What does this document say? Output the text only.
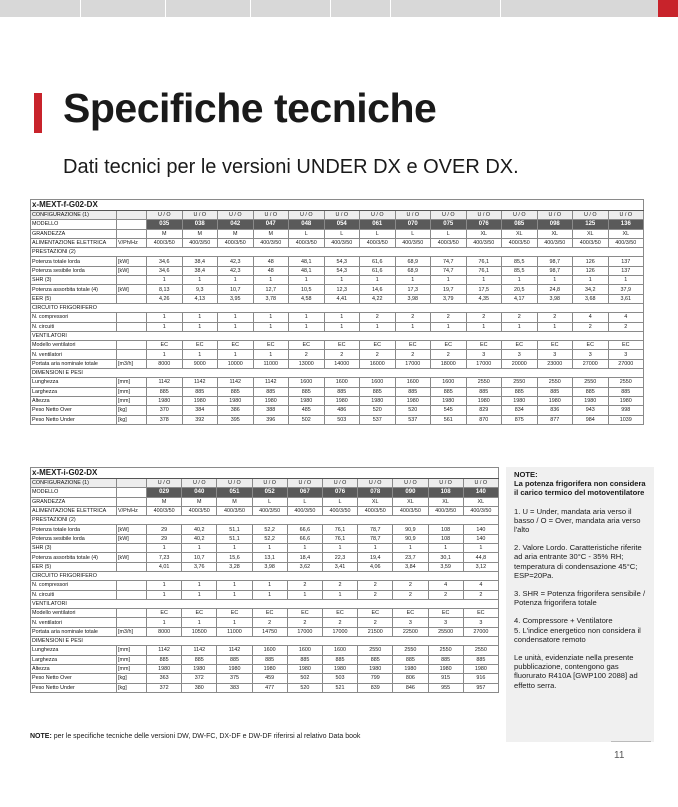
Specifiche tecniche
Dati tecnici per le versioni UNDER DX e OVER DX.
x-MEXT-f-G02-DX															
CONFIGURAZIONE (1)		U / O	U / O	U / O	U / O	U / O	U / O	U / O	U / O	U / O	U / O	U / O	U / O	U / O	U / O
MODELLO		035	038	042	047	048	054	061	070	075	076	085	098	125	136
GRANDEZZA		M	M	M	M	L	L	L	L	L	XL	XL	XL	XL	XL
ALIMENTAZIONE ELETTRICA	V/Ph/Hz	400/3/50	400/3/50	400/3/50	400/3/50	400/3/50	400/3/50	400/3/50	400/3/50	400/3/50	400/3/50	400/3/50	400/3/50	400/3/50	400/3/50
PRESTAZIONI (2)															
Potenza totale lorda	[kW]	34,6	38,4	42,3	48	48,1	54,3	61,6	68,9	74,7	76,1	85,5	98,7	126	137
Potenza sesibile lorda	[kW]	34,6	38,4	42,3	48	48,1	54,3	61,6	68,9	74,7	76,1	85,5	98,7	126	137
SHR (3)		1	1	1	1	1	1	1	1	1	1	1	1	1	1
Potenza assorbita totale (4)	[kW]	8,13	9,3	10,7	12,7	10,5	12,3	14,6	17,3	19,7	17,5	20,5	24,8	34,2	37,9
EER (5)		4,26	4,13	3,95	3,78	4,58	4,41	4,22	3,98	3,79	4,35	4,17	3,98	3,68	3,61
CIRCUITO FRIGORIFERO															
N. compressori		1	1	1	1	1	1	2	2	2	2	2	2	4	4
N. circuiti		1	1	1	1	1	1	1	1	1	1	1	1	2	2
VENTILATORI															
Modello ventilatori		EC	EC	EC	EC	EC	EC	EC	EC	EC	EC	EC	EC	EC	EC
N. ventilatori		1	1	1	1	2	2	2	2	2	3	3	3	3	3
Portata aria nominale totale	[m3/h]	8000	9000	10000	11000	13000	14000	16000	17000	18000	17000	20000	23000	27000	27000
DIMENSIONI E PESI															
Lunghezza	[mm]	1142	1142	1142	1142	1600	1600	1600	1600	1600	2550	2550	2550	2550	2550
Larghezza	[mm]	885	885	885	885	885	885	885	885	885	885	885	885	885	885
Altezza	[mm]	1980	1980	1980	1980	1980	1980	1980	1980	1980	1980	1980	1980	1980	1980
Peso Netto Over	[kg]	370	384	386	388	485	486	520	520	545	829	834	836	943	998
Peso Netto Under	[kg]	378	392	395	396	502	503	537	537	561	870	875	877	984	1039
x-MEXT-i-G02-DX											
CONFIGURAZIONE (1)		U / O	U / O	U / O	U / O	U / O	U / O	U / O	U / O	U / O	U / O
MODELLO		029	040	051	052	067	076	078	090	108	140
GRANDEZZA		M	M	M	L	L	L	XL	XL	XL	XL
ALIMENTAZIONE ELETTRICA	V/Ph/Hz	400/3/50	400/3/50	400/3/50	400/3/50	400/3/50	400/3/50	400/3/50	400/3/50	400/3/50	400/3/50
PRESTAZIONI (2)											
Potenza totale lorda	[kW]	29	40,2	51,1	52,2	66,6	76,1	78,7	90,9	108	140
Potenza sesibile lorda	[kW]	29	40,2	51,1	52,2	66,6	76,1	78,7	90,9	108	140
SHR (3)		1	1	1	1	1	1	1	1	1	1
Potenza assorbita totale (4)	[kW]	7,23	10,7	15,6	13,1	18,4	22,3	19,4	23,7	30,1	44,8
EER (5)		4,01	3,76	3,28	3,98	3,62	3,41	4,06	3,84	3,59	3,12
CIRCUITO FRIGORIFERO											
N. compressori		1	1	1	1	2	2	2	2	4	4
N. circuiti		1	1	1	1	1	1	2	2	2	2
VENTILATORI											
Modello ventilatori		EC	EC	EC	EC	EC	EC	EC	EC	EC	EC
N. ventilatori		1	1	1	2	2	2	2	3	3	3
Portata aria nominale totale	[m3/h]	8000	10500	11000	14750	17000	17000	21500	22500	25500	27000
DIMENSIONI E PESI											
Lunghezza	[mm]	1142	1142	1142	1600	1600	1600	2550	2550	2550	2550
Larghezza	[mm]	885	885	885	885	885	885	885	885	885	885
Altezza	[mm]	1980	1980	1980	1980	1980	1980	1980	1980	1980	1980
Peso Netto Over	[kg]	363	372	375	459	502	503	799	806	915	916
Peso Netto Under	[kg]	372	380	383	477	520	521	839	846	955	957
NOTE:

La potenza frigorifera non considera il carico termico del motoventilatore

1. U = Under, mandata aria verso il basso / O = Over, mandata aria verso l'alto

2. Valore Lordo. Caratteristiche riferite ad aria entrante 30°C - 35% RH; temperatura di condensazione 45°C; ESP=20Pa.

3. SHR = Potenza frigorifera sensibile / Potenza frigorifera totale

4. Compressore + Ventilatore
5. L'indice energetico non considera il condensatore remoto

Le unità, evidenziate nella presente pubblicazione, contengono gas fluorurato R410A [GWP100 2088] ad effetto serra.

NOTE: per le specifiche tecniche delle versioni DW, DW-FC, DX-DF e DW-DF riferirsi al relativo Data book
11
